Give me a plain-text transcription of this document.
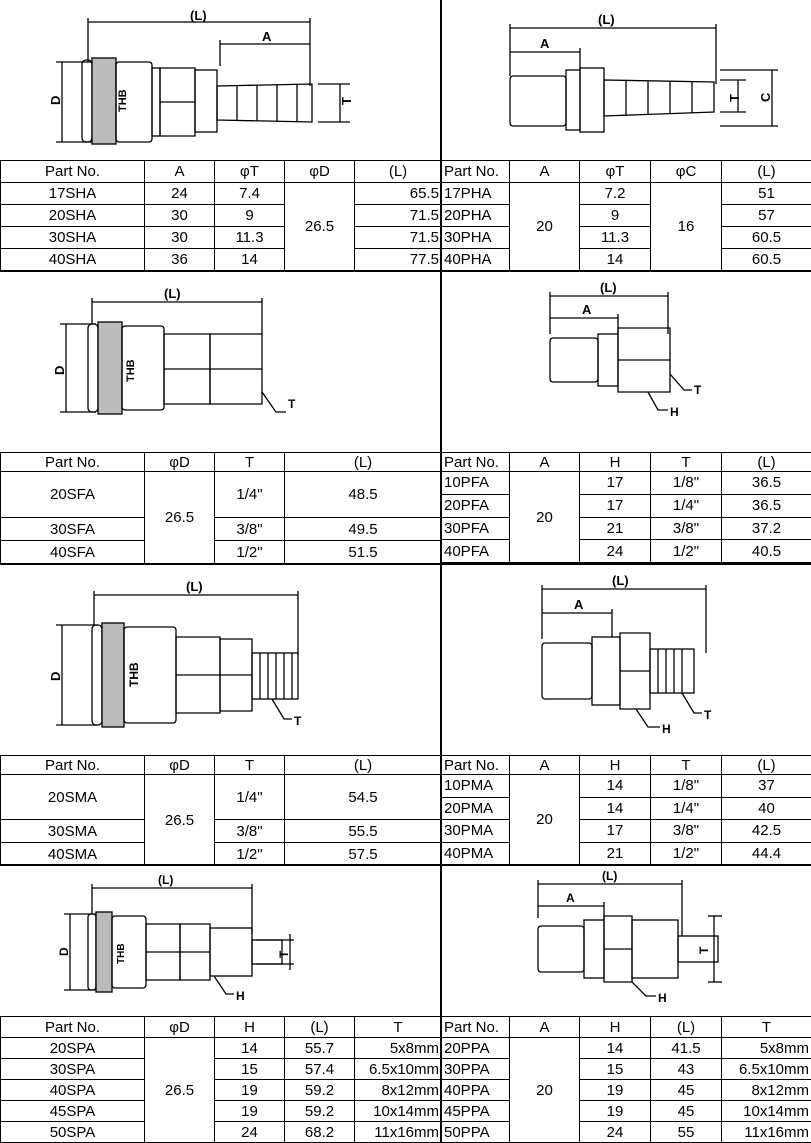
(L)
A
D	T
THB
(L)
A
T C
Part No.	A	φT	φD	(L)
17SHA	24	7.4	26.5	65.5
20SHA	30	9		71.5
30SHA	30	11.3		71.5
40SHA	36	14		77.5
Part No.	A	φT	φC	(L)
17PHA	20	7.2	16	51
20PHA		9		57
30PHA		11.3		60.5
40PHA		14		60.5
(L)
D
T
THB
(L)
A
T
H
Part No.	φD	T	(L)
20SFA	26.5	1/4"	48.5
30SFA		3/8"	49.5
40SFA		1/2"	51.5
Part No.	A	H	T	(L)
10PFA	20	17	1/8"	36.5
20PFA		17	1/4"	36.5
30PFA		21	3/8"	37.2
40PFA		24	1/2"	40.5
(L)
D
T
THB
(L)
A
T
H
Part No.	φD	T	(L)
20SMA	26.5	1/4"	54.5
30SMA		3/8"	55.5
40SMA		1/2"	57.5
Part No.	A	H	T	(L)
10PMA	20	14	1/8"	37
20PMA		14	1/4"	40
30PMA		17	3/8"	42.5
40PMA		21	1/2"	44.4
(L)
D	T
H
THB
(L)
A
T
H
Part No.	φD	H	(L)	T
20SPA	26.5	14	55.7	5x8mm
30SPA		15	57.4	6.5x10mm
40SPA		19	59.2	8x12mm
45SPA		19	59.2	10x14mm
50SPA		24	68.2	11x16mm
Part No.	A	H	(L)	T
20PPA	20	14	41.5	5x8mm
30PPA		15	43	6.5x10mm
40PPA		19	45	8x12mm
45PPA		19	45	10x14mm
50PPA		24	55	11x16mm
